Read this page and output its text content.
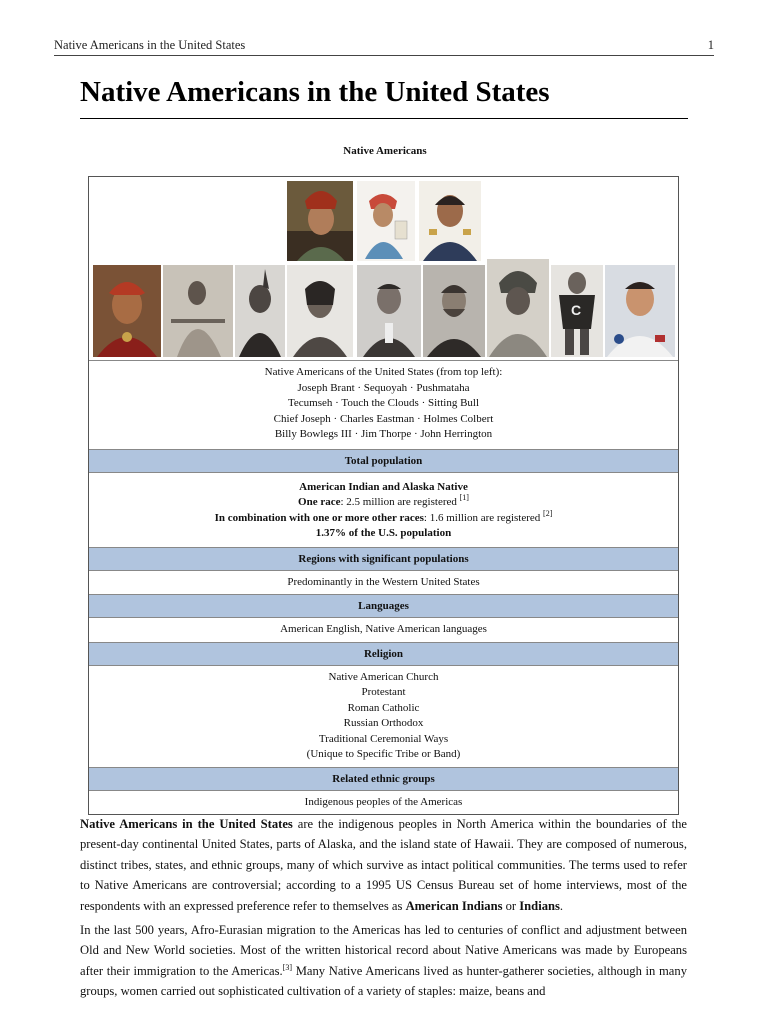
Native Americans in the United States	1
Native Americans in the United States
Native Americans
C
Native Americans of the United States (from top left):
Joseph Brant · Sequoyah · Pushmataha
Tecumseh · Touch the Clouds · Sitting Bull
Chief Joseph · Charles Eastman · Holmes Colbert
Billy Bowlegs III · Jim Thorpe · John Herrington
Total population
American Indian and Alaska Native
One race: 2.5 million are registered [1]
In combination with one or more other races: 1.6 million are registered [2]
1.37% of the U.S. population
Regions with significant populations
Predominantly in the Western United States
Languages
American English, Native American languages
Religion
Native American Church
Protestant
Roman Catholic
Russian Orthodox
Traditional Ceremonial Ways
(Unique to Specific Tribe or Band)
Related ethnic groups
Indigenous peoples of the Americas

Native Americans in the United States are the indigenous peoples in North America within the boundaries of the present-day continental United States, parts of Alaska, and the island state of Hawaii. They are composed of numerous, distinct tribes, states, and ethnic groups, many of which survive as intact political communities. The terms used to refer to Native Americans are controversial; according to a 1995 US Census Bureau set of home interviews, most of the respondents with an expressed preference refer to themselves as American Indians or Indians.

In the last 500 years, Afro-Eurasian migration to the Americas has led to centuries of conflict and adjustment between Old and New World societies. Most of the written historical record about Native Americans was made by Europeans after their immigration to the Americas.[3] Many Native Americans lived as hunter-gatherer societies, although in many groups, women carried out sophisticated cultivation of a variety of staples: maize, beans and
